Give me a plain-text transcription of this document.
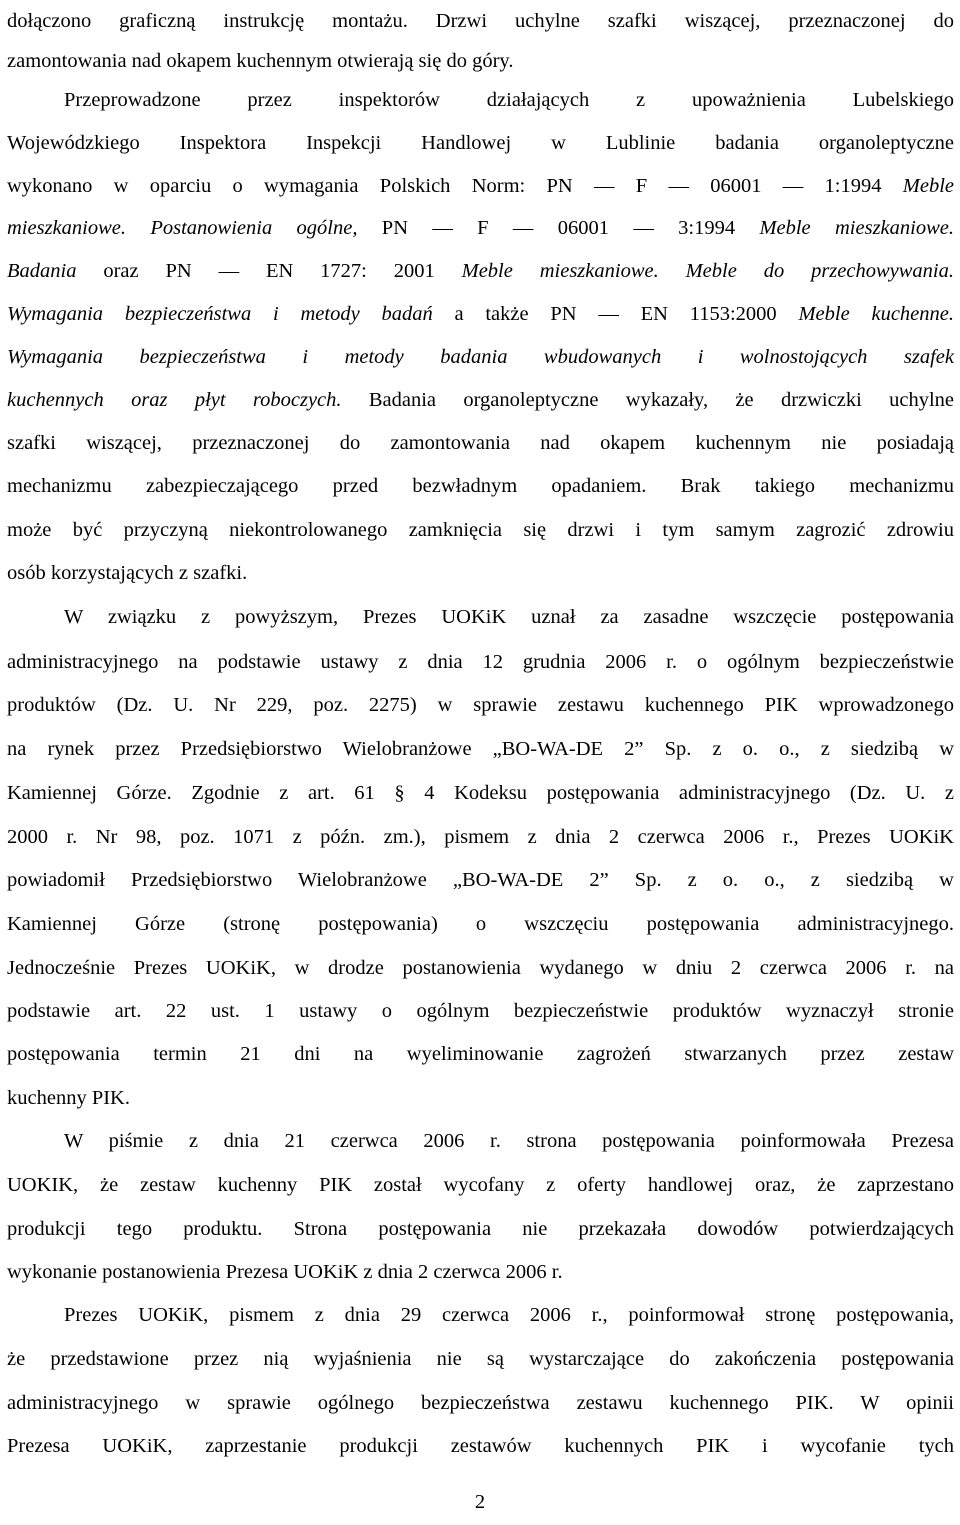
dołączono graficzną instrukcję montażu. Drzwi uchylne szafki wiszącej, przeznaczonej do
zamontowania nad okapem kuchennym otwierają się do góry.
Przeprowadzone przez inspektorów działających z upoważnienia Lubelskiego
Wojewódzkiego Inspektora Inspekcji Handlowej w Lublinie badania organoleptyczne
wykonano w oparciu o wymagania Polskich Norm: PN — F — 06001 — 1:1994 Meble
mieszkaniowe. Postanowienia ogólne, PN — F — 06001 — 3:1994 Meble mieszkaniowe.
Badania oraz PN — EN 1727: 2001 Meble mieszkaniowe. Meble do przechowywania.
Wymagania bezpieczeństwa i metody badań a także PN — EN 1153:2000 Meble kuchenne.
Wymagania bezpieczeństwa i metody badania wbudowanych i wolnostojących szafek
kuchennych oraz płyt roboczych. Badania organoleptyczne wykazały, że drzwiczki uchylne
szafki wiszącej, przeznaczonej do zamontowania nad okapem kuchennym nie posiadają
mechanizmu zabezpieczającego przed bezwładnym opadaniem. Brak takiego mechanizmu
może być przyczyną niekontrolowanego zamknięcia się drzwi i tym samym zagrozić zdrowiu
osób korzystających z szafki.
W związku z powyższym, Prezes UOKiK uznał za zasadne wszczęcie postępowania
administracyjnego na podstawie ustawy z dnia 12 grudnia 2006 r. o ogólnym bezpieczeństwie
produktów (Dz. U. Nr 229, poz. 2275) w sprawie zestawu kuchennego PIK wprowadzonego
na rynek przez Przedsiębiorstwo Wielobranżowe „BO-WA-DE 2” Sp. z o. o., z siedzibą w
Kamiennej Górze. Zgodnie z art. 61 § 4 Kodeksu postępowania administracyjnego (Dz. U. z
2000 r. Nr 98, poz. 1071 z późn. zm.), pismem z dnia 2 czerwca 2006 r., Prezes UOKiK
powiadomił Przedsiębiorstwo Wielobranżowe „BO-WA-DE 2” Sp. z o. o., z siedzibą w
Kamiennej Górze (stronę postępowania) o wszczęciu postępowania administracyjnego.
Jednocześnie Prezes UOKiK, w drodze postanowienia wydanego w dniu 2 czerwca 2006 r. na
podstawie art. 22 ust. 1 ustawy o ogólnym bezpieczeństwie produktów wyznaczył stronie
postępowania termin 21 dni na wyeliminowanie zagrożeń stwarzanych przez zestaw
kuchenny PIK.
W piśmie z dnia 21 czerwca 2006 r. strona postępowania poinformowała Prezesa
UOKIK, że zestaw kuchenny PIK został wycofany z oferty handlowej oraz, że zaprzestano
produkcji tego produktu. Strona postępowania nie przekazała dowodów potwierdzających
wykonanie postanowienia Prezesa UOKiK z dnia 2 czerwca 2006 r.
Prezes UOKiK, pismem z dnia 29 czerwca 2006 r., poinformował stronę postępowania,
że przedstawione przez nią wyjaśnienia nie są wystarczające do zakończenia postępowania
administracyjnego w sprawie ogólnego bezpieczeństwa zestawu kuchennego PIK. W opinii
Prezesa UOKiK, zaprzestanie produkcji zestawów kuchennych PIK i wycofanie tych
2
